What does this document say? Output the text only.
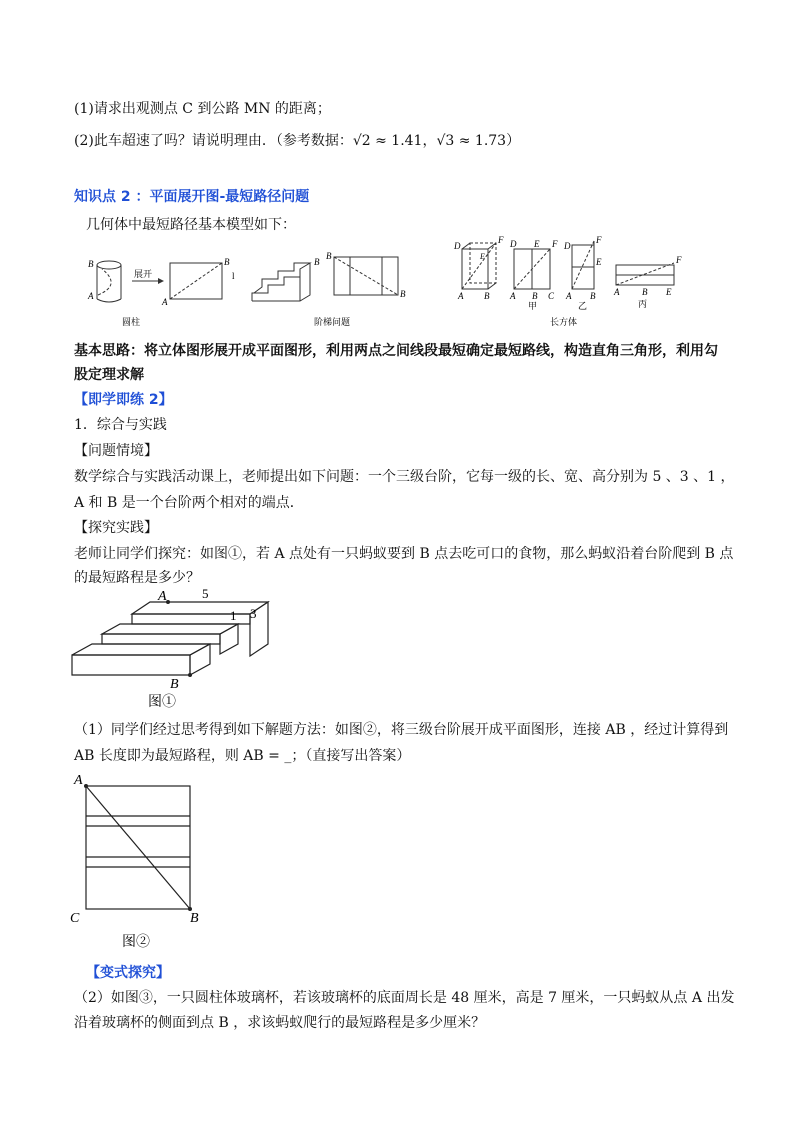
(1)请求出观测点 C 到公路 MN 的距离；
(2)此车超速了吗？请说明理由．（参考数据：√2 ≈ 1.41，√3 ≈ 1.73）
知识点 2 ：平面展开图-最短路径问题
几何体中最短路径基本模型如下：
B
A
展开
B
A
l
B
B
B
D
F
E
A B
D E F
A B C
甲
D
F
E
A B
乙
F
A	B E
丙
圆柱	阶梯问题	长方体
基本思路：将立体图形展开成平面图形，利用两点之间线段最短确定最短路线，构造直角三角形，利用勾
股定理求解
【即学即练 2】
1．综合与实践
【问题情境】
数学综合与实践活动课上，老师提出如下问题：一个三级台阶，它每一级的长、宽、高分别为 5 、3 、1 ，
A 和 B 是一个台阶两个相对的端点．
【探究实践】
老师让同学们探究：如图①，若 A 点处有一只蚂蚁要到 B 点去吃可口的食物，那么蚂蚁沿着台阶爬到 B 点
的最短路程是多少？
A	5
1 3
B
图①
（1）同学们经过思考得到如下解题方法：如图②，将三级台阶展开成平面图形，连接 AB ，经过计算得到
AB 长度即为最短路程，则 AB = _；（直接写出答案）
A
C	B
图②
【变式探究】
（2）如图③，一只圆柱体玻璃杯，若该玻璃杯的底面周长是 48 厘米，高是 7 厘米，一只蚂蚁从点 A 出发
沿着玻璃杯的侧面到点 B ，求该蚂蚁爬行的最短路程是多少厘米？
